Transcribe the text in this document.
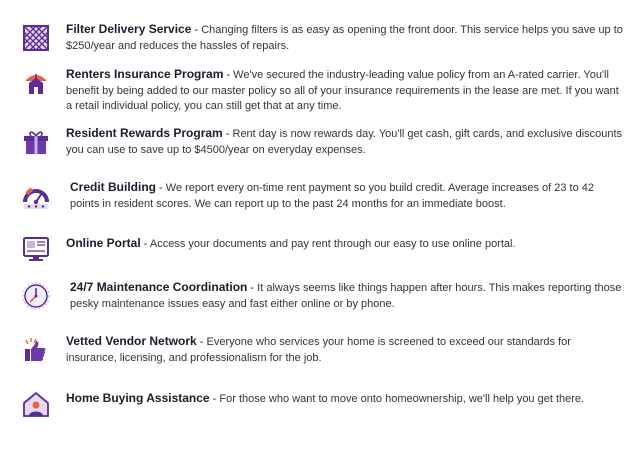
Filter Delivery Service - Changing filters is as easy as opening the front door. This service helps you save up to $250/year and reduces the hassles of repairs.
Renters Insurance Program - We've secured the industry-leading value policy from an A-rated carrier. You'll benefit by being added to our master policy so all of your insurance requirements in the lease are met. If you want a retail individual policy, you can still get that at any time.
Resident Rewards Program - Rent day is now rewards day. You'll get cash, gift cards, and exclusive discounts you can use to save up to $4500/year on everyday expenses.
Credit Building - We report every on-time rent payment so you build credit. Average increases of 23 to 42 points in resident scores. We can report up to the past 24 months for an immediate boost.
Online Portal - Access your documents and pay rent through our easy to use online portal.
24/7 Maintenance Coordination - It always seems like things happen after hours. This makes reporting those pesky maintenance issues easy and fast either online or by phone.
Vetted Vendor Network - Everyone who services your home is screened to exceed our standards for insurance, licensing, and professionalism for the job.
Home Buying Assistance - For those who want to move onto homeownership, we'll help you get there.
